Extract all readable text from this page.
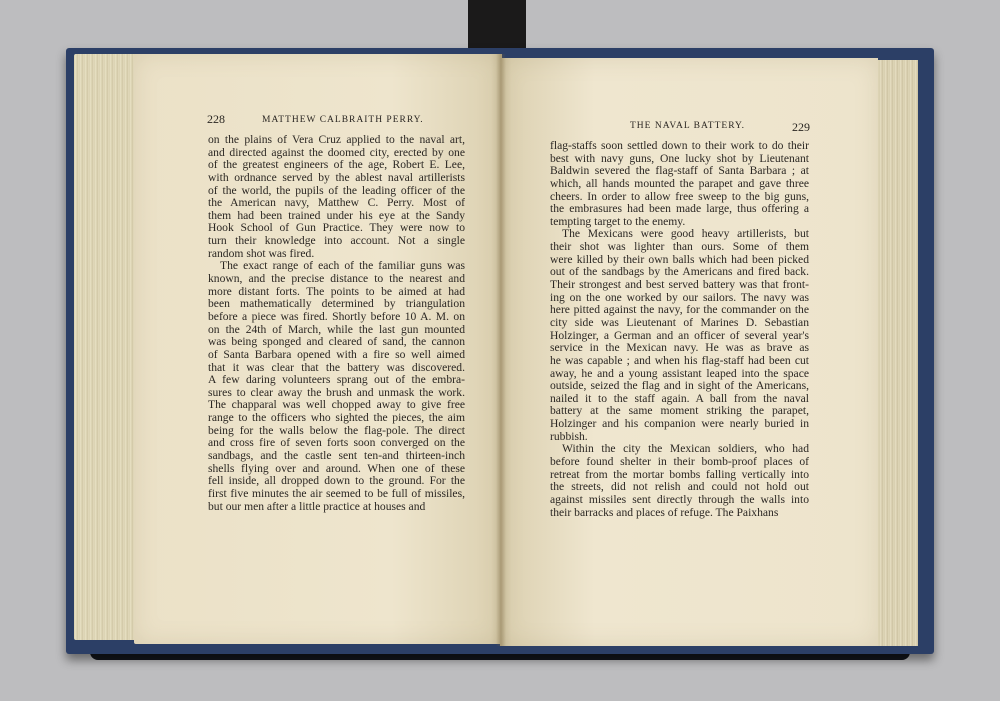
228	MATTHEW CALBRAITH PERRY.
THE NAVAL BATTERY.	229
on the plains of Vera Cruz applied to the naval art,
and directed against the doomed city, erected by one
of the greatest engineers of the age, Robert E. Lee,
with ordnance served by the ablest naval artillerists
of the world, the pupils of the leading officer of the
the American navy, Matthew C. Perry. Most of
them had been trained under his eye at the Sandy
Hook School of Gun Practice. They were now to
turn their knowledge into account. Not a single
random shot was fired.
The exact range of each of the familiar guns was
known, and the precise distance to the nearest and
more distant forts. The points to be aimed at had
been mathematically determined by triangulation
before a piece was fired. Shortly before 10 A. M. on
on the 24th of March, while the last gun mounted
was being sponged and cleared of sand, the cannon
of Santa Barbara opened with a fire so well aimed
that it was clear that the battery was discovered.
A few daring volunteers sprang out of the embra-
sures to clear away the brush and unmask the work.
The chapparal was well chopped away to give free
range to the officers who sighted the pieces, the aim
being for the walls below the flag-pole. The direct
and cross fire of seven forts soon converged on the
sandbags, and the castle sent ten-and thirteen-inch
shells flying over and around. When one of these
fell inside, all dropped down to the ground. For the
first five minutes the air seemed to be full of missiles,
but our men after a little practice at houses and
flag-staffs soon settled down to their work to do their
best with navy guns, One lucky shot by Lieutenant
Baldwin severed the flag-staff of Santa Barbara ; at
which, all hands mounted the parapet and gave three
cheers. In order to allow free sweep to the big guns,
the embrasures had been made large, thus offering a
tempting target to the enemy.
The Mexicans were good heavy artillerists, but
their shot was lighter than ours. Some of them
were killed by their own balls which had been picked
out of the sandbags by the Americans and fired back.
Their strongest and best served battery was that front-
ing on the one worked by our sailors. The navy was
here pitted against the navy, for the commander on the
city side was Lieutenant of Marines D. Sebastian
Holzinger, a German and an officer of several year's
service in the Mexican navy. He was as brave as
he was capable ; and when his flag-staff had been cut
away, he and a young assistant leaped into the space
outside, seized the flag and in sight of the Americans,
nailed it to the staff again. A ball from the naval
battery at the same moment striking the parapet,
Holzinger and his companion were nearly buried in
rubbish.
Within the city the Mexican soldiers, who had
before found shelter in their bomb-proof places of
retreat from the mortar bombs falling vertically into
the streets, did not relish and could not hold out
against missiles sent directly through the walls into
their barracks and places of refuge. The Paixhans
